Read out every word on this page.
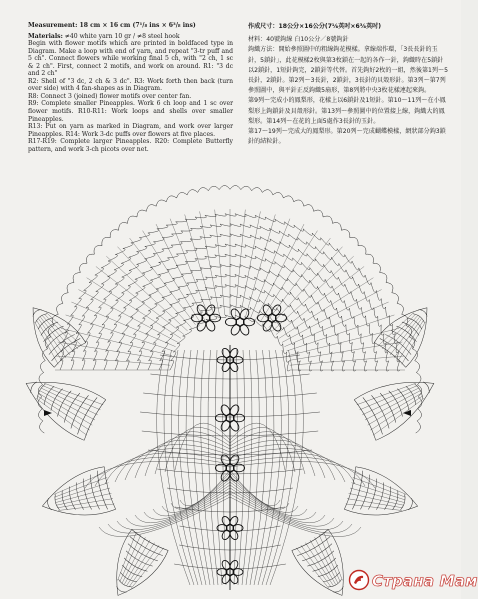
Measurement: 18 cm × 16 cm (7¹/₈ ins × 6³/₈ ins)

Materials: ≠40 white yarn 10 gr / ≠8 steel hook

Begin with flower motifs which are printed in boldfaced type in Diagram. Make a loop with end of yarn, and repeat "3-tr puff and 5 ch". Connect flowers while working final 5 ch, with "2 ch, 1 sc & 2 ch". First, connect 2 motifs, and work on around. R1: "3 dc and 2 ch"

R2: Shell of "3 dc, 2 ch & 3 dc". R3: Work forth then back (turn over side) with 4 fan-shapes as in Diagram.

R8: Connect 3 (joined) flower motifs over center fan.

R9: Complete smaller Pineapples. Work 6 ch loop and 1 sc over flower motifs. R10-R11: Work loops and shells over smaller Pineapples.

R13: Put on yarn as marked in Diagram, and work over larger Pineapples. R14: Work 3-dc puffs over flowers at five places.

R17-R19: Complete larger Pineapples. R20: Complete Butterfly pattern, and work 3-ch picots over net.

作成尺寸：18公分×16公分(7⅛英吋×6⅜英吋)

材料：40號鉤線 白10公分／8號鉤針

鉤織方法：開始參照圖中的粗線鉤花模樣。拿線端作環，「3長長針的玉針，5鎖針」，此花模樣2枚與第3枚鎖在一起的各作一針，鉤織時在5鎖針以2鎖針，1短針鉤完，2鎖針等代替。首先鉤好2枚的一組，然後第1列～5長針，2鎖針。第2列～3長針，2鎖針，3長針的貝殼形針。第3列～第7列參照圖中，與平針正反鉤織5扇形，第8列將中央3枚花樣連起來鉤。

第9列～完成小的鳳梨形，花樣上以6鎖針及1短針。第10～11列～在小鳳梨形上鉤鎖針及貝殼形針。第13列～參照圖中的位置接上線，鉤織大的鳳梨形。第14列～在花的上面5處作3長針的玉針。

第17～19列～完成大的鳳梨形。第20列～完成蝴蝶模樣，網狀部分鉤3鎖針的結粒針。

Страна Мам
